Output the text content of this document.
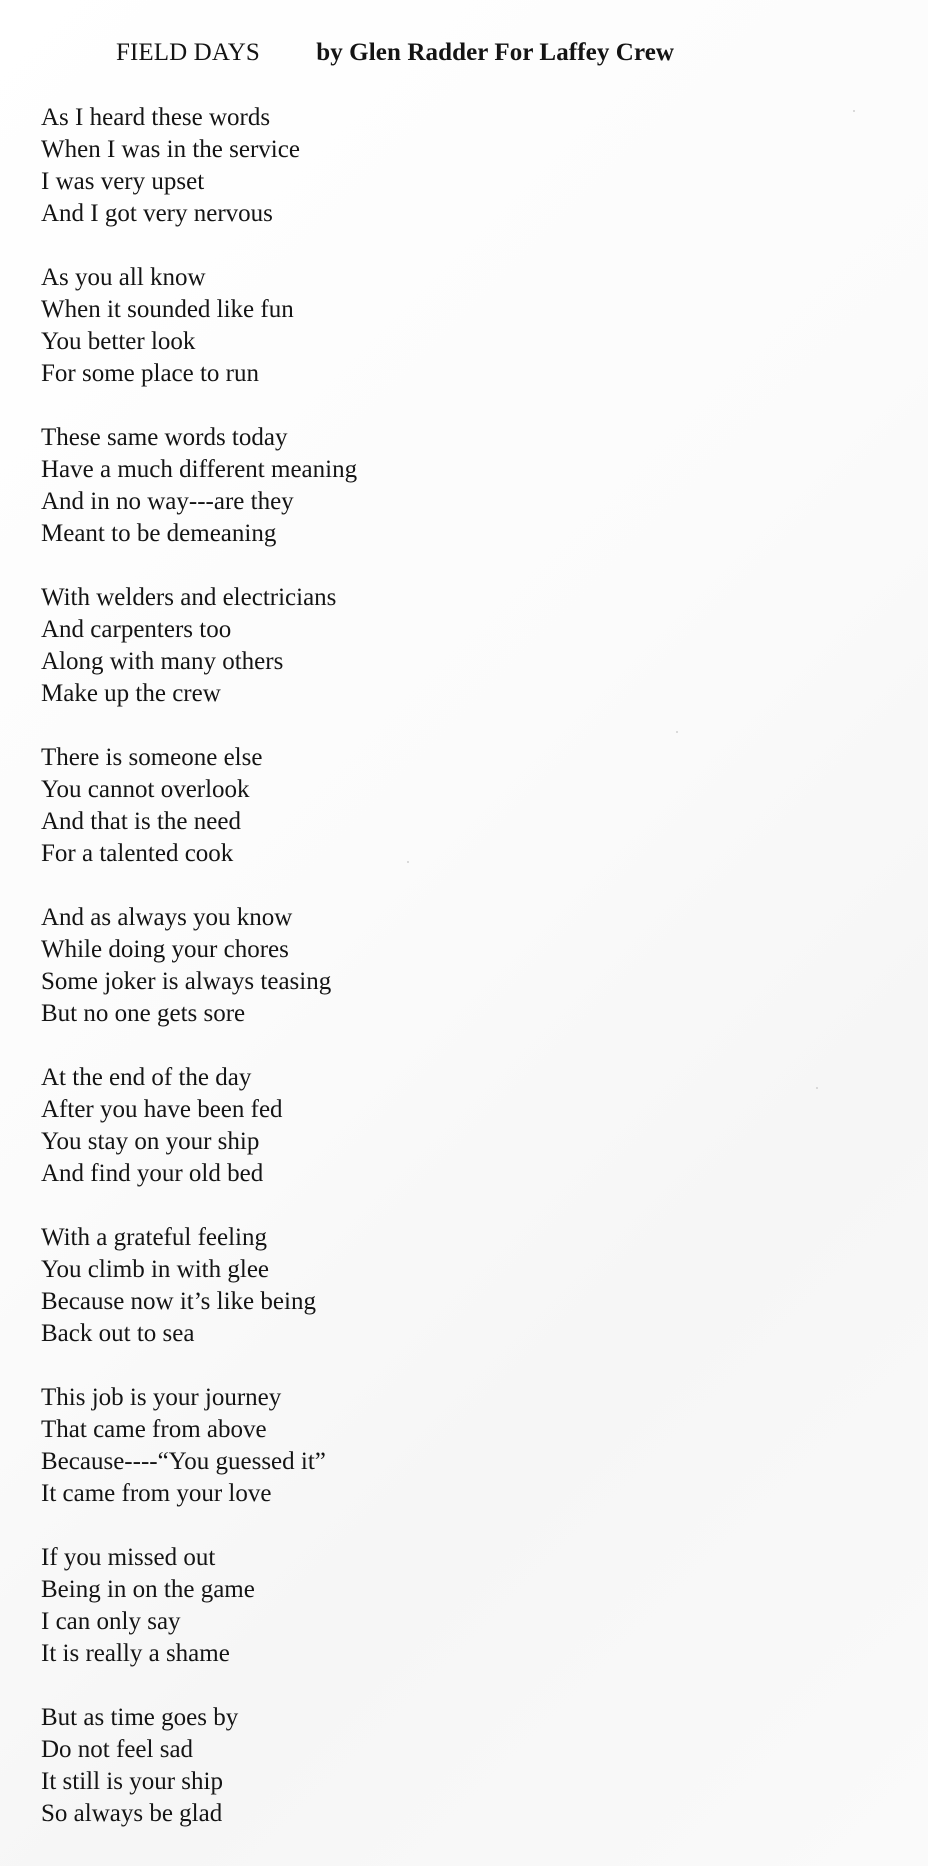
FIELD DAYS by Glen Radder For Laffey Crew
As I heard these words
When I was in the service
I was very upset
And I got very nervous
As you all know
When it sounded like fun
You better look
For some place to run
These same words today
Have a much different meaning
And in no way---are they
Meant to be demeaning
With welders and electricians
And carpenters too
Along with many others
Make up the crew
There is someone else
You cannot overlook
And that is the need
For a talented cook
And as always you know
While doing your chores
Some joker is always teasing
But no one gets sore
At the end of the day
After you have been fed
You stay on your ship
And find your old bed
With a grateful feeling
You climb in with glee
Because now it’s like being
Back out to sea
This job is your journey
That came from above
Because----“You guessed it”
It came from your love
If you missed out
Being in on the game
I can only say
It is really a shame
But as time goes by
Do not feel sad
It still is your ship
So always be glad
